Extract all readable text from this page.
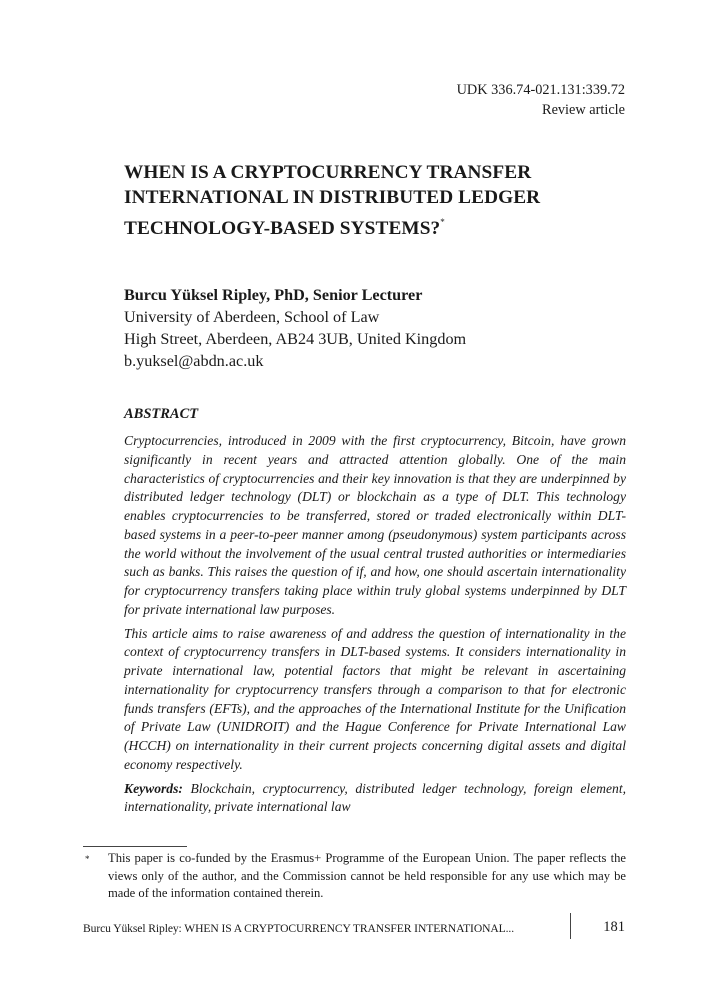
UDK 336.74-021.131:339.72
Review article
WHEN IS A CRYPTOCURRENCY TRANSFER
INTERNATIONAL IN DISTRIBUTED LEDGER
TECHNOLOGY-BASED SYSTEMS?*
Burcu Yüksel Ripley, PhD, Senior Lecturer
University of Aberdeen, School of Law
High Street, Aberdeen, AB24 3UB, United Kingdom
b.yuksel@abdn.ac.uk
ABSTRACT

Cryptocurrencies, introduced in 2009 with the first cryptocurrency, Bitcoin, have grown significantly in recent years and attracted attention globally. One of the main characteristics of cryptocurrencies and their key innovation is that they are underpinned by distributed ledger technology (DLT) or blockchain as a type of DLT. This technology enables cryptocurrencies to be transferred, stored or traded electronically within DLT-based systems in a peer-to-peer manner among (pseudonymous) system participants across the world without the involvement of the usual central trusted authorities or intermediaries such as banks. This raises the question of if, and how, one should ascertain internationality for cryptocurrency transfers taking place within truly global systems underpinned by DLT for private international law purposes.

This article aims to raise awareness of and address the question of internationality in the context of cryptocurrency transfers in DLT-based systems. It considers internationality in private international law, potential factors that might be relevant in ascertaining internationality for cryptocurrency transfers through a comparison to that for electronic funds transfers (EFTs), and the approaches of the International Institute for the Unification of Private Law (UNIDROIT) and the Hague Conference for Private International Law (HCCH) on internationality in their current projects concerning digital assets and digital economy respectively.

Keywords: Blockchain, cryptocurrency, distributed ledger technology, foreign element, internationality, private international law

* This paper is co-funded by the Erasmus+ Programme of the European Union. The paper reflects the views only of the author, and the Commission cannot be held responsible for any use which may be made of the information contained therein.
Burcu Yüksel Ripley: WHEN IS A CRYPTOCURRENCY TRANSFER INTERNATIONAL...	181
